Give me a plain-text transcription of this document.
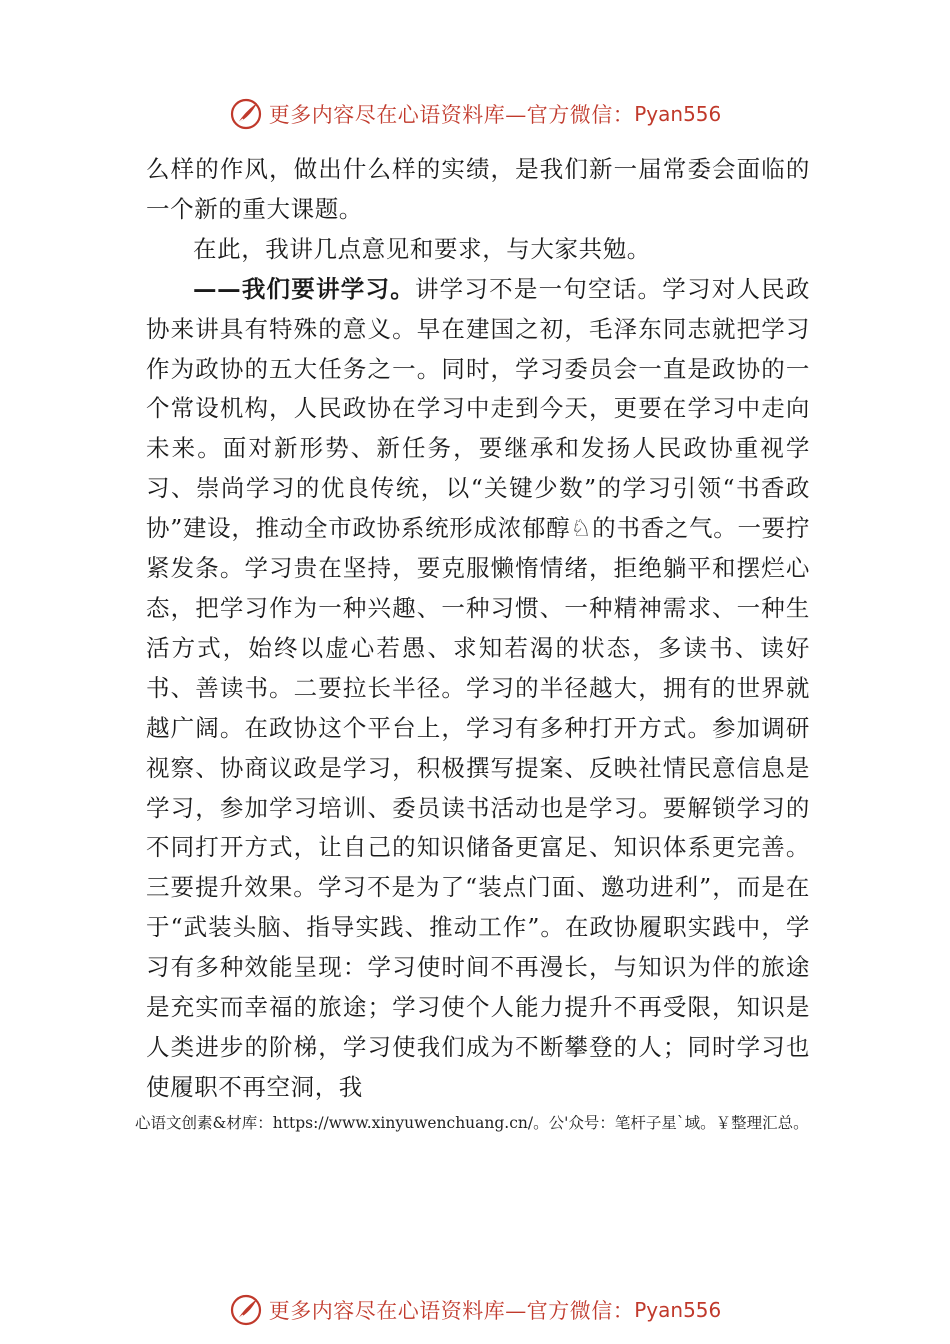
更多内容尽在心语资料库—官方微信： Pyan556

么样的作风，做出什么样的实绩，是我们新一届常委会面临的一个新的重大课题。

在此，我讲几点意见和要求，与大家共勉。

——我们要讲学习。讲学习不是一句空话。学习对人民政协来讲具有特殊的意义。早在建国之初，毛泽东同志就把学习作为政协的五大任务之一。同时，学习委员会一直是政协的一个常设机构，人民政协在学习中走到今天，更要在学习中走向未来。面对新形势、新任务，要继承和发扬人民政协重视学习、崇尚学习的优良传统，以“关键少数”的学习引领“书香政协”建设，推动全市政协系统形成浓郁醇♘的书香之气。一要拧紧发条。学习贵在坚持，要克服懒惰情绪，拒绝躺平和摆烂心态，把学习作为一种兴趣、一种习惯、一种精神需求、一种生活方式，始终以虚心若愚、求知若渴的状态，多读书、读好书、善读书。二要拉长半径。学习的半径越大，拥有的世界就越广阔。在政协这个平台上，学习有多种打开方式。参加调研视察、协商议政是学习，积极撰写提案、反映社情民意信息是学习，参加学习培训、委员读书活动也是学习。要解锁学习的不同打开方式，让自己的知识储备更富足、知识体系更完善。三要提升效果。学习不是为了“装点门面、邀功进利”，而是在于“武装头脑、指导实践、推动工作”。在政协履职实践中，学习有多种效能呈现：学习使时间不再漫长，与知识为伴的旅途是充实而幸福的旅途；学习使个人能力提升不再受限，知识是人类进步的阶梯，学习使我们成为不断攀登的人；同时学习也使履职不再空洞，我

心语文创素&材库：https://www.xinyuwenchuang.cn/。公'众号：笔杆子星`域。￥整理汇总。
更多内容尽在心语资料库—官方微信： Pyan556
